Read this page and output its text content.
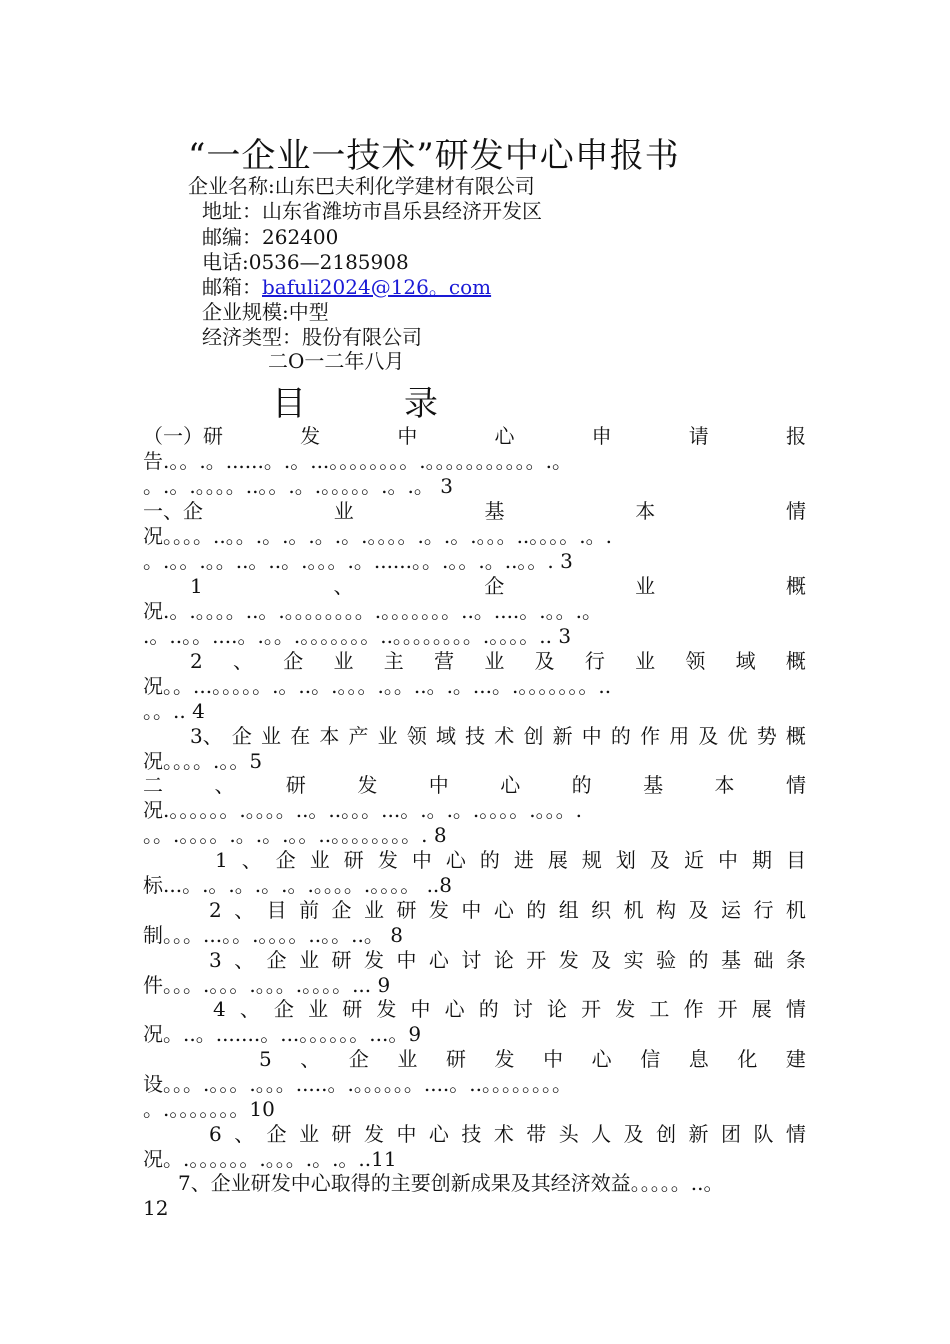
“一企业一技术”研发中心申报书
企业名称:山东巴夫利化学建材有限公司
地址：山东省潍坊市昌乐县经济开发区
邮编：262400
电话:0536—2185908
邮箱：bafuli2024@126。com
企业规模:中型
经济类型：股份有限公司
二O一二年八月
目	录
（一）研	发	中	心	申	请	报
告.。。.。......。.。...。。。。。。。。.。。。。。。。。。。。.。
。.。.。。。。..。。.。.。。。。。.。.。 3
一、企	业	基	本	情
况。。。。..。。.。.。.。.。.。。。。.。.。.。。。..。。。。.。.
。.。。.。。..。..。.。。。.。......。。.。。.。..。。. 3
1	、	企	业	概
况.。.。。。。..。.。。。。。。。。.。。。。。。。..。....。.。。.。
.。..。。....。.。。.。。。。。。。..。。。。。。。。.。。。。.. 3
2 、 企 业 主 营 业 及 行 业 领 域 概
况。。...。。。。。.。..。.。。。.。。..。.。...。.。。。。。。。..
。。.. 4
3、 企 业 在 本 产 业 领 域 技 术 创 新 中 的 作 用 及 优 势 概
况。。。。.。。5
二	、	研	发	中	心	的	基	本	情
况.。。。。。。.。。。。..。..。。。...。.。.。.。。。。.。。。.
。。.。。。。.。.。.。。..。。。。。。。。. 8
1 、 企 业 研 发 中 心 的 进 展 规 划 及 近 中 期 目
标...。.。.。.。.。.。。。。.。。。。 ..8
2 、 目 前 企 业 研 发 中 心 的 组 织 机 构 及 运 行 机
制。。。...。。.。。。。..。。..。 8
3 、 企 业 研 发 中 心 讨 论 开 发 及 实 验 的 基 础 条
件。。。.。。。.。。。.。。。。... 9
4 、 企 业 研 发 中 心 的 讨 论 开 发 工 作 开 展 情
况。..。.......。...。。。。。。...。9
5 、 企 业 研 发 中 心 信 息 化 建
设。。。.。。。.。。。.....。.。。。。。。....。..。。。。。。。。
。.。。。。。。。10
6 、 企 业 研 发 中 心 技 术 带 头 人 及 创 新 团 队 情
况。.。。。。。。.。。。.。.。..11
7、企业研发中心取得的主要创新成果及其经济效益。。。。。..。
12
